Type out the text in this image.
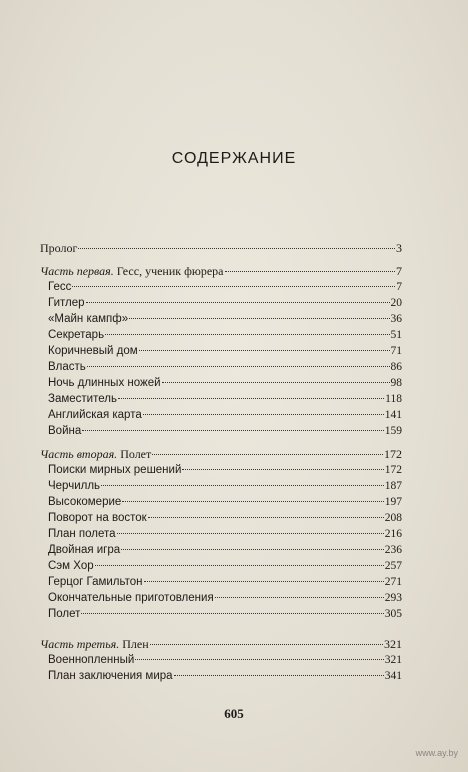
СОДЕРЖАНИЕ
Пролог	3
Часть первая. Гесс, ученик фюрера	7
Гесс	7
Гитлер	20
«Майн кампф»	36
Секретарь	51
Коричневый дом	71
Власть	86
Ночь длинных ножей	98
Заместитель	118
Английская карта	141
Война	159
Часть вторая. Полет	172
Поиски мирных решений	172
Черчилль	187
Высокомерие	197
Поворот на восток	208
План полета	216
Двойная игра	236
Сэм Хор	257
Герцог Гамильтон	271
Окончательные приготовления	293
Полет	305
Часть третья. Плен	321
Военнопленный	321
План заключения мира	341
605
www.ay.by
